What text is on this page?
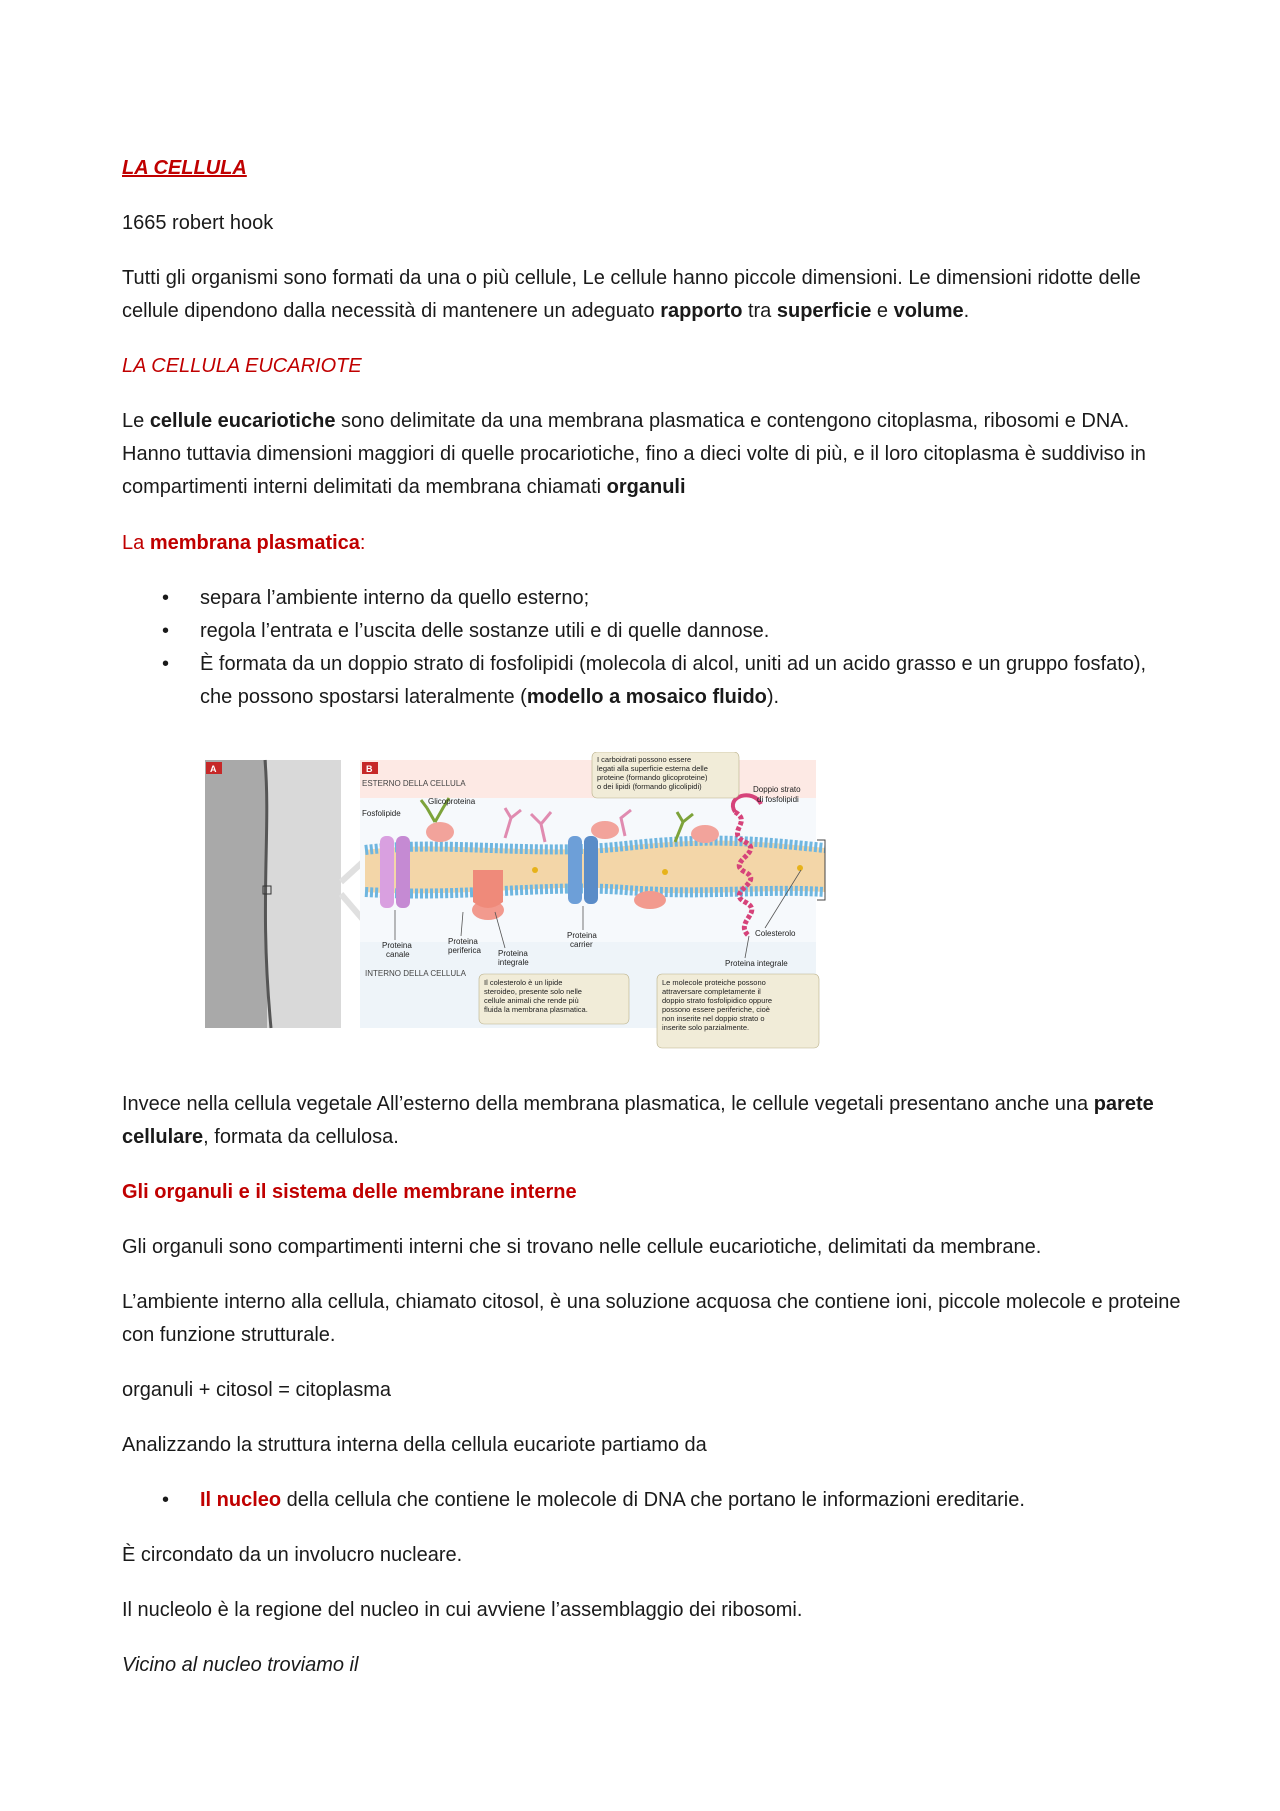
LA CELLULA

1665 robert hook

Tutti gli organismi sono formati da una o più cellule, Le cellule hanno piccole dimensioni. Le dimensioni ridotte delle cellule dipendono dalla necessità di mantenere un adeguato rapporto tra superficie e volume.

LA CELLULA EUCARIOTE

Le cellule eucariotiche sono delimitate da una membrana plasmatica e contengono citoplasma, ribosomi e DNA. Hanno tuttavia dimensioni maggiori di quelle procariotiche, fino a dieci volte di più, e il loro citoplasma è suddiviso in compartimenti interni delimitati da membrana chiamati organuli

La membrana plasmatica:

• separa l’ambiente interno da quello esterno;
• regola l’entrata e l’uscita delle sostanze utili e di quelle dannose.
• È formata da un doppio strato di fosfolipidi (molecola di alcol, uniti ad un acido grasso e un gruppo fosfato), che possono spostarsi lateralmente (modello a mosaico fluido).
A	B
ESTERNO DELLA CELLULA
INTERNO DELLA CELLULA
Fosfolipide
Glicoproteina
Doppio strato
di fosfolipidi
Proteina
canale
Proteina
periferica Proteina
integrale
Proteina
carrier
Colesterolo
Proteina integrale
I carboidrati possono essere legati alla superficie esterna delle proteine (formando glicoproteine) o dei lipidi (formando glicolipidi)
Il colesterolo è un lipide steroideo, presente solo nelle cellule animali che rende più fluida la membrana plasmatica.
Le molecole proteiche possono attraversare completamente il doppio strato fosfolipidico oppure possono essere periferiche, cioè non inserite nel doppio strato o inserite solo parzialmente.

Invece nella cellula vegetale All’esterno della membrana plasmatica, le cellule vegetali presentano anche una parete cellulare, formata da cellulosa.

Gli organuli e il sistema delle membrane interne

Gli organuli sono compartimenti interni che si trovano nelle cellule eucariotiche, delimitati da membrane.

L’ambiente interno alla cellula, chiamato citosol, è una soluzione acquosa che contiene ioni, piccole molecole e proteine con funzione strutturale.

organuli + citosol = citoplasma

Analizzando la struttura interna della cellula eucariote partiamo da

• Il nucleo della cellula che contiene le molecole di DNA che portano le informazioni ereditarie.

È circondato da un involucro nucleare.

Il nucleolo è la regione del nucleo in cui avviene l’assemblaggio dei ribosomi.

Vicino al nucleo troviamo il
